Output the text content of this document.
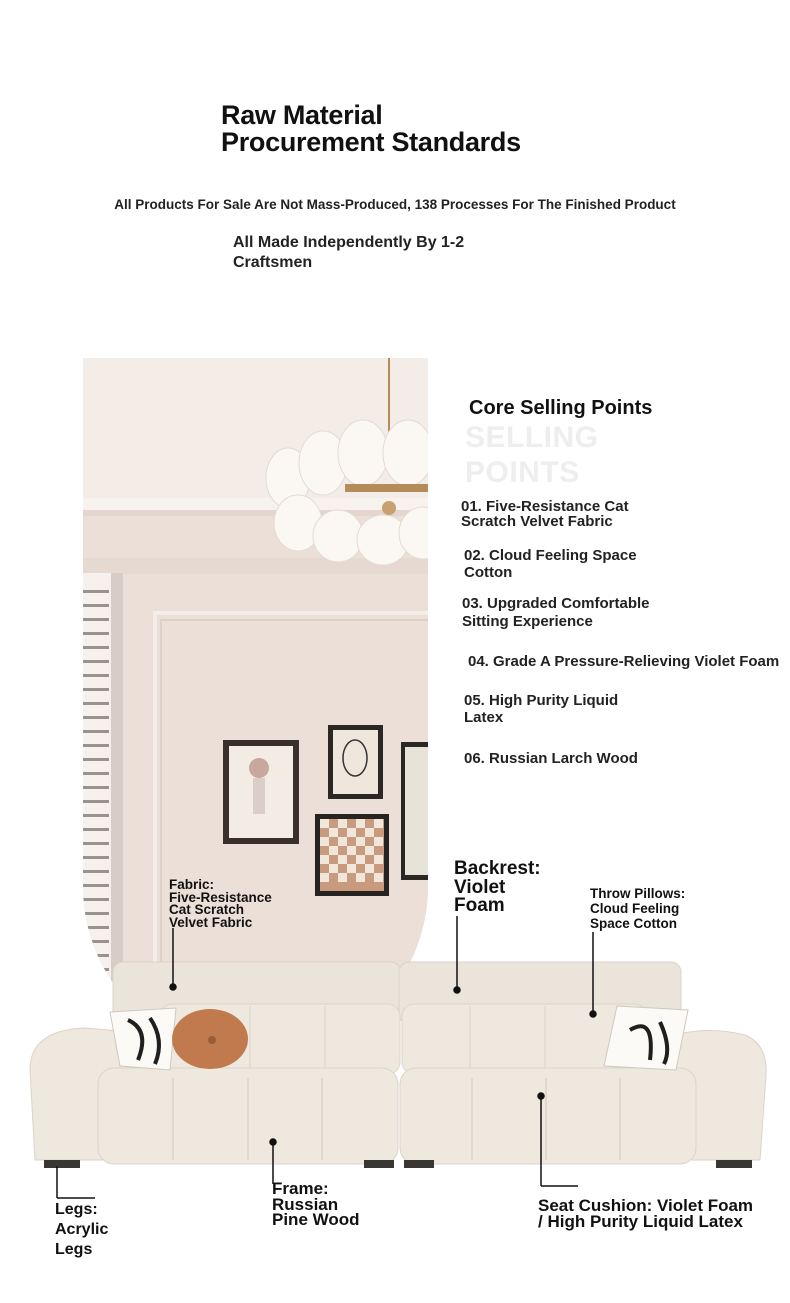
Raw Material
Procurement Standards
All Products For Sale Are Not Mass-Produced, 138 Processes For The Finished Product
All Made Independently By 1-2
Craftsmen
Core Selling Points
SELLING
POINTS
01. Five-Resistance Cat
Scratch Velvet Fabric
02. Cloud Feeling Space
Cotton
03. Upgraded Comfortable
Sitting Experience
04. Grade A Pressure-Relieving Violet Foam
05. High Purity Liquid
Latex
06. Russian Larch Wood
Fabric:
Five-Resistance
Cat Scratch
Velvet Fabric
Backrest:
Violet
Foam
Throw Pillows:
Cloud Feeling
Space Cotton
Legs:
Acrylic
Legs
Frame:
Russian
Pine Wood
Seat Cushion: Violet Foam
/ High Purity Liquid Latex
